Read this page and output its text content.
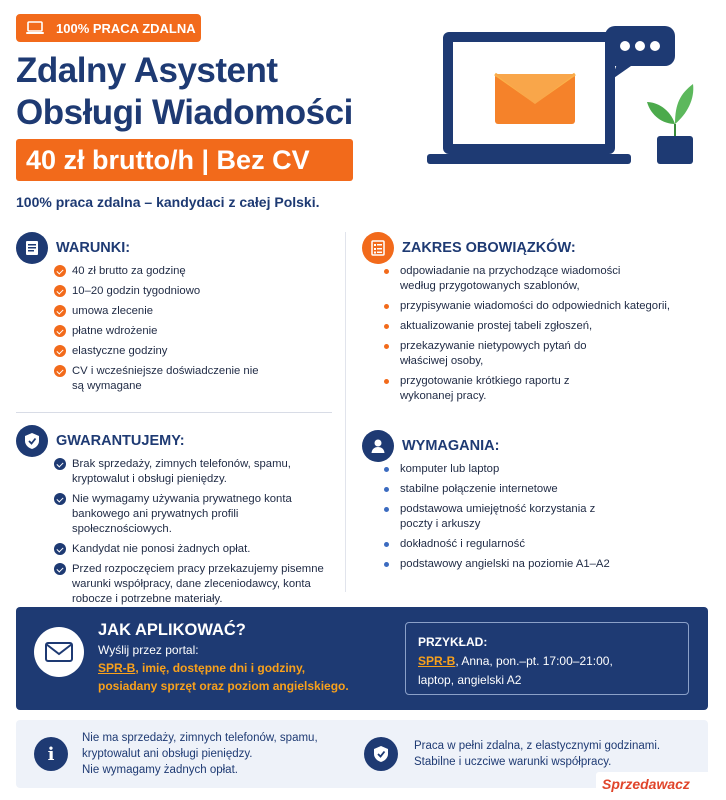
100% PRACA ZDALNA
Zdalny Asystent
Obsługi Wiadomości
40 zł brutto/h | Bez CV
100% praca zdalna – kandydaci z całej Polski.
WARUNKI:
40 zł brutto za godzinę
10–20 godzin tygodniowo
umowa zlecenie
płatne wdrożenie
elastyczne godziny
CV i wcześniejsze doświadczenie nie są wymagane
GWARANTUJEMY:
Brak sprzedaży, zimnych telefonów, spamu, kryptowalut i obsługi pieniędzy.
Nie wymagamy używania prywatnego konta bankowego ani prywatnych profili społecznościowych.
Kandydat nie ponosi żadnych opłat.
Przed rozpoczęciem pracy przekazujemy pisemne warunki współpracy, dane zleceniodawcy, konta robocze i potrzebne materiały.
ZAKRES OBOWIĄZKÓW:
odpowiadanie na przychodzące wiadomości według przygotowanych szablonów,
przypisywanie wiadomości do odpowiednich kategorii,
aktualizowanie prostej tabeli zgłoszeń,
przekazywanie nietypowych pytań do właściwej osoby,
przygotowanie krótkiego raportu z wykonanej pracy.
WYMAGANIA:
komputer lub laptop
stabilne połączenie internetowe
podstawowa umiejętność korzystania z poczty i arkuszy
dokładność i regularność
podstawowy angielski na poziomie A1–A2
JAK APLIKOWAĆ?
Wyślij przez portal:
SPR-B, imię, dostępne dni i godziny,
posiadany sprzęt oraz poziom angielskiego.
PRZYKŁAD:
SPR-B, Anna, pon.–pt. 17:00–21:00,
laptop, angielski A2
i
Nie ma sprzedaży, zimnych telefonów, spamu,
kryptowalut ani obsługi pieniędzy.
Nie wymagamy żadnych opłat.
Praca w pełni zdalna, z elastycznymi godzinami.
Stabilne i uczciwe warunki współpracy.
Sprzedawacz
